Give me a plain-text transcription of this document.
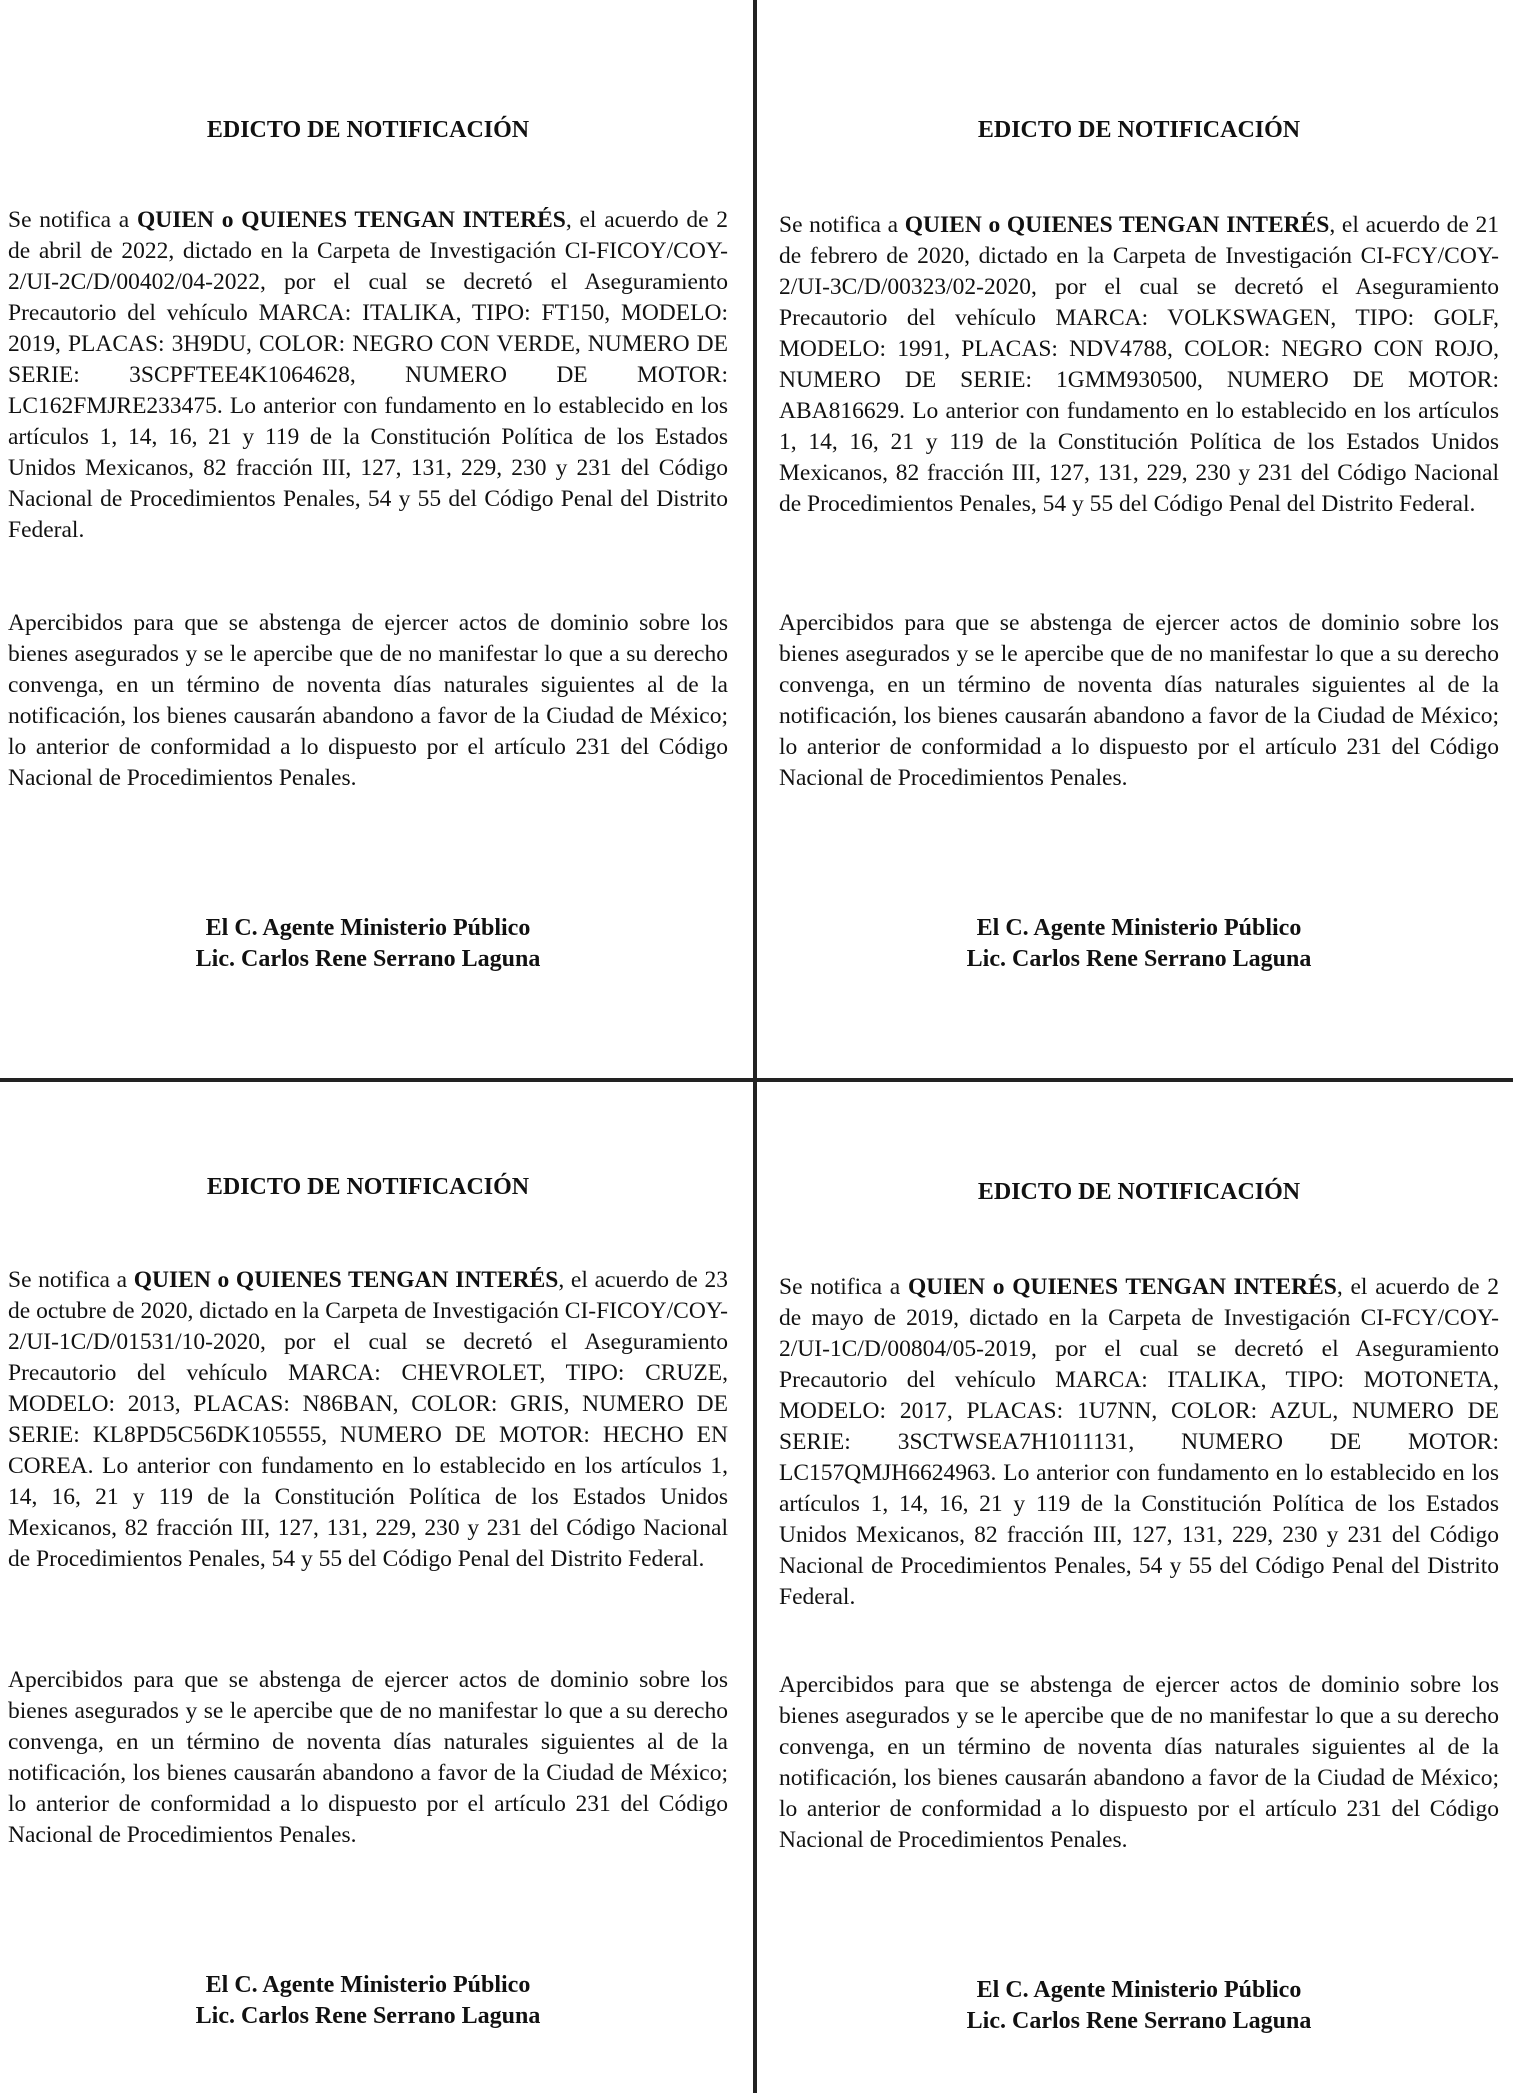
EDICTO DE NOTIFICACIÓN
Se notifica a QUIEN o QUIENES TENGAN INTERÉS, el acuerdo de 2 de abril de 2022, dictado en la Carpeta de Investigación CI-FICOY/COY-2/UI-2C/D/00402/04-2022, por el cual se decretó el Aseguramiento Precautorio del vehículo MARCA: ITALIKA, TIPO: FT150, MODELO: 2019, PLACAS: 3H9DU, COLOR: NEGRO CON VERDE, NUMERO DE SERIE: 3SCPFTEE4K1064628, NUMERO DE MOTOR: LC162FMJRE233475. Lo anterior con fundamento en lo establecido en los artículos 1, 14, 16, 21 y 119 de la Constitución Política de los Estados Unidos Mexicanos, 82 fracción III, 127, 131, 229, 230 y 231 del Código Nacional de Procedimientos Penales, 54 y 55 del Código Penal del Distrito Federal.
Apercibidos para que se abstenga de ejercer actos de dominio sobre los bienes asegurados y se le apercibe que de no manifestar lo que a su derecho convenga, en un término de noventa días naturales siguientes al de la notificación, los bienes causarán abandono a favor de la Ciudad de México; lo anterior de conformidad a lo dispuesto por el artículo 231 del Código Nacional de Procedimientos Penales.
El C. Agente Ministerio Público
Lic. Carlos Rene Serrano Laguna
EDICTO DE NOTIFICACIÓN
Se notifica a QUIEN o QUIENES TENGAN INTERÉS, el acuerdo de 21 de febrero de 2020, dictado en la Carpeta de Investigación CI-FCY/COY-2/UI-3C/D/00323/02-2020, por el cual se decretó el Aseguramiento Precautorio del vehículo MARCA: VOLKSWAGEN, TIPO: GOLF, MODELO: 1991, PLACAS: NDV4788, COLOR: NEGRO CON ROJO, NUMERO DE SERIE: 1GMM930500, NUMERO DE MOTOR: ABA816629. Lo anterior con fundamento en lo establecido en los artículos 1, 14, 16, 21 y 119 de la Constitución Política de los Estados Unidos Mexicanos, 82 fracción III, 127, 131, 229, 230 y 231 del Código Nacional de Procedimientos Penales, 54 y 55 del Código Penal del Distrito Federal.
Apercibidos para que se abstenga de ejercer actos de dominio sobre los bienes asegurados y se le apercibe que de no manifestar lo que a su derecho convenga, en un término de noventa días naturales siguientes al de la notificación, los bienes causarán abandono a favor de la Ciudad de México; lo anterior de conformidad a lo dispuesto por el artículo 231 del Código Nacional de Procedimientos Penales.
El C. Agente Ministerio Público
Lic. Carlos Rene Serrano Laguna
EDICTO DE NOTIFICACIÓN
Se notifica a QUIEN o QUIENES TENGAN INTERÉS, el acuerdo de 23 de octubre de 2020, dictado en la Carpeta de Investigación CI-FICOY/COY-2/UI-1C/D/01531/10-2020, por el cual se decretó el Aseguramiento Precautorio del vehículo MARCA: CHEVROLET, TIPO: CRUZE, MODELO: 2013, PLACAS: N86BAN, COLOR: GRIS, NUMERO DE SERIE: KL8PD5C56DK105555, NUMERO DE MOTOR: HECHO EN COREA. Lo anterior con fundamento en lo establecido en los artículos 1, 14, 16, 21 y 119 de la Constitución Política de los Estados Unidos Mexicanos, 82 fracción III, 127, 131, 229, 230 y 231 del Código Nacional de Procedimientos Penales, 54 y 55 del Código Penal del Distrito Federal.
Apercibidos para que se abstenga de ejercer actos de dominio sobre los bienes asegurados y se le apercibe que de no manifestar lo que a su derecho convenga, en un término de noventa días naturales siguientes al de la notificación, los bienes causarán abandono a favor de la Ciudad de México; lo anterior de conformidad a lo dispuesto por el artículo 231 del Código Nacional de Procedimientos Penales.
El C. Agente Ministerio Público
Lic. Carlos Rene Serrano Laguna
EDICTO DE NOTIFICACIÓN
Se notifica a QUIEN o QUIENES TENGAN INTERÉS, el acuerdo de 2 de mayo de 2019, dictado en la Carpeta de Investigación CI-FCY/COY-2/UI-1C/D/00804/05-2019, por el cual se decretó el Aseguramiento Precautorio del vehículo MARCA: ITALIKA, TIPO: MOTONETA, MODELO: 2017, PLACAS: 1U7NN, COLOR: AZUL, NUMERO DE SERIE: 3SCTWSEA7H1011131, NUMERO DE MOTOR: LC157QMJH6624963. Lo anterior con fundamento en lo establecido en los artículos 1, 14, 16, 21 y 119 de la Constitución Política de los Estados Unidos Mexicanos, 82 fracción III, 127, 131, 229, 230 y 231 del Código Nacional de Procedimientos Penales, 54 y 55 del Código Penal del Distrito Federal.
Apercibidos para que se abstenga de ejercer actos de dominio sobre los bienes asegurados y se le apercibe que de no manifestar lo que a su derecho convenga, en un término de noventa días naturales siguientes al de la notificación, los bienes causarán abandono a favor de la Ciudad de México; lo anterior de conformidad a lo dispuesto por el artículo 231 del Código Nacional de Procedimientos Penales.
El C. Agente Ministerio Público
Lic. Carlos Rene Serrano Laguna
